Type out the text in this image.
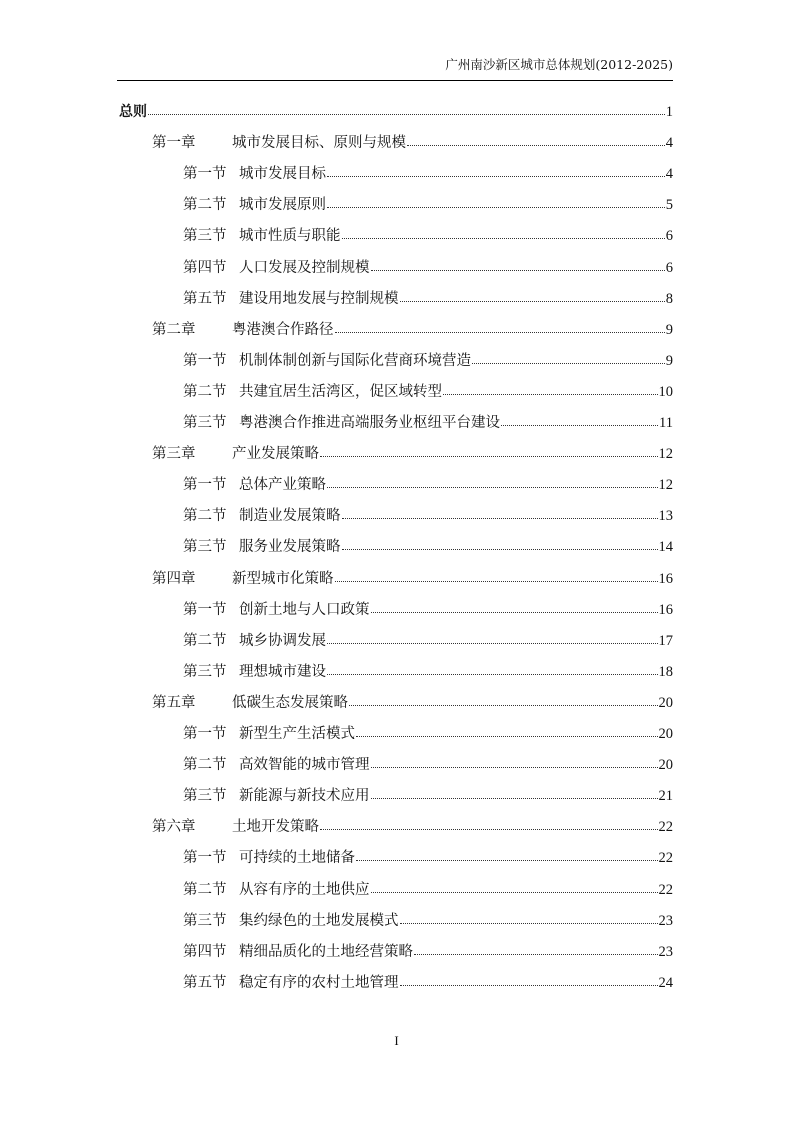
广州南沙新区城市总体规划(2012-2025)
总则	1
第一章	城市发展目标、原则与规模	4
第一节 城市发展目标	4
第二节 城市发展原则	5
第三节 城市性质与职能	6
第四节 人口发展及控制规模	6
第五节 建设用地发展与控制规模	8
第二章	粤港澳合作路径	9
第一节 机制体制创新与国际化营商环境营造	9
第二节 共建宜居生活湾区，促区域转型	10
第三节 粤港澳合作推进高端服务业枢纽平台建设	11
第三章	产业发展策略	12
第一节 总体产业策略	12
第二节 制造业发展策略	13
第三节 服务业发展策略	14
第四章	新型城市化策略	16
第一节 创新土地与人口政策	16
第二节 城乡协调发展	17
第三节 理想城市建设	18
第五章	低碳生态发展策略	20
第一节 新型生产生活模式	20
第二节 高效智能的城市管理	20
第三节 新能源与新技术应用	21
第六章	土地开发策略	22
第一节 可持续的土地储备	22
第二节 从容有序的土地供应	22
第三节 集约绿色的土地发展模式	23
第四节 精细品质化的土地经营策略	23
第五节 稳定有序的农村土地管理	24
I
